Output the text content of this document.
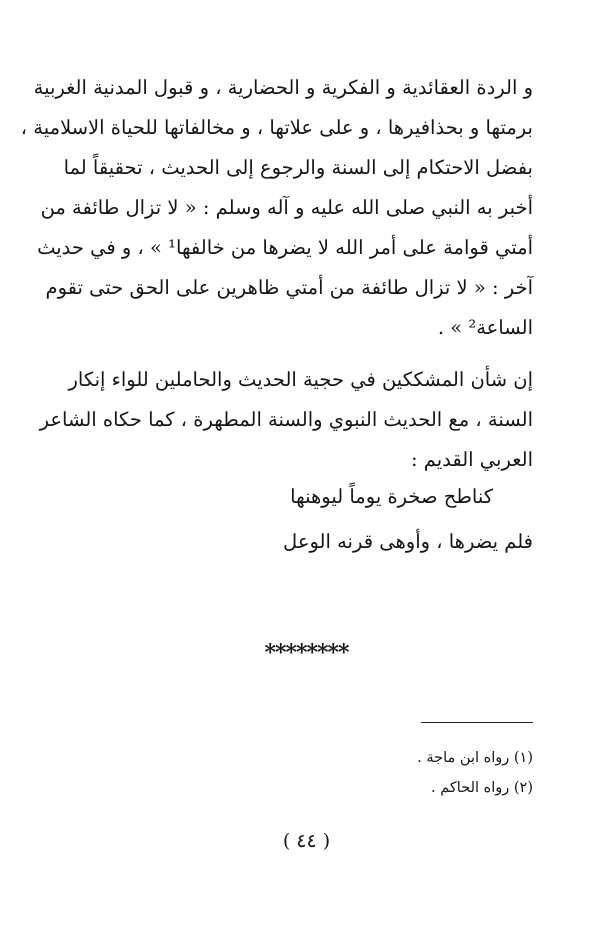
و الردة العقائدية و الفكرية و الحضارية ، و قبول المدنية الغربية
برمتها و بحذافيرها ، و على علاتها ، و مخالفاتها للحياة الاسلامية ،
بفضل الاحتكام إلى السنة والرجوع إلى الحديث ، تحقيقاً لما
أخبر به النبي صلى الله عليه و آله وسلم : « لا تزال طائفة من
أمتي قوامة على أمر الله لا يضرها من خالفها¹ » ، و في حديث
آخر : « لا تزال طائفة من أمتي ظاهرين على الحق حتى تقوم
الساعة² » .
إن شأن المشككين في حجية الحديث والحاملين للواء إنكار
السنة ، مع الحديث النبوي والسنة المطهرة ، كما حكاه الشاعر
العربي القديم :
كناطح صخرة يوماً ليوهنها
فلم يضرها ، وأوهى قرنه الوعل
********
(١) رواه ابن ماجة .
(٢) رواه الحاكم .
( ٤٤ )
